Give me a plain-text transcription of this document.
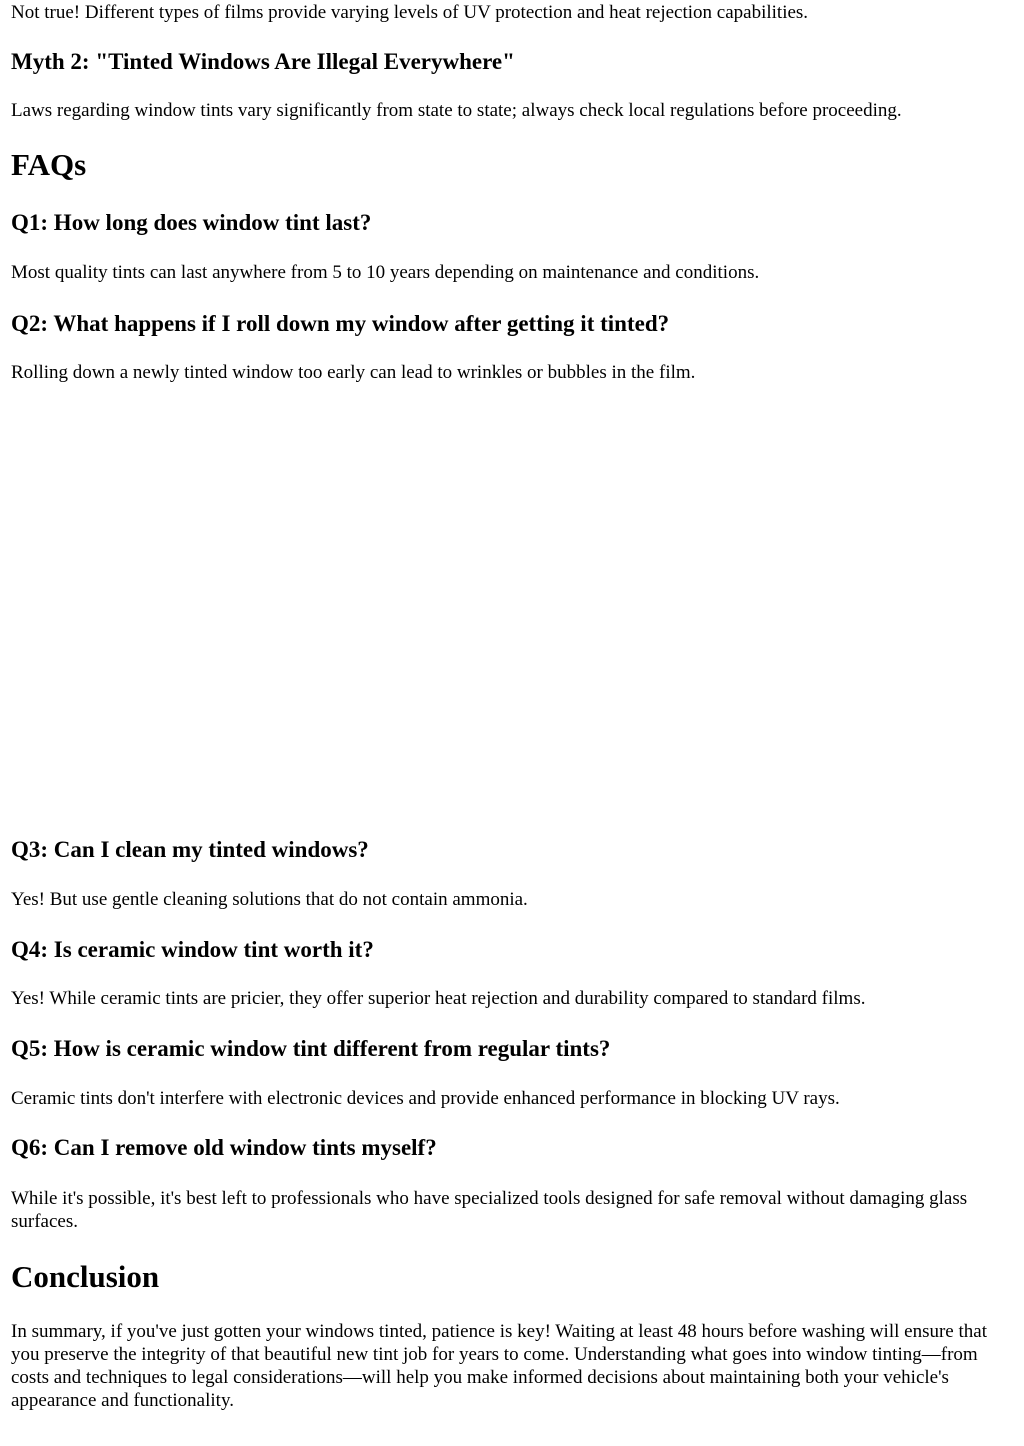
Not true! Different types of films provide varying levels of UV protection and heat rejection capabilities.

Myth 2: "Tinted Windows Are Illegal Everywhere"

Laws regarding window tints vary significantly from state to state; always check local regulations before proceeding.

FAQs
Q1: How long does window tint last?

Most quality tints can last anywhere from 5 to 10 years depending on maintenance and conditions.

Q2: What happens if I roll down my window after getting it tinted?

Rolling down a newly tinted window too early can lead to wrinkles or bubbles in the film.

Q3: Can I clean my tinted windows?

Yes! But use gentle cleaning solutions that do not contain ammonia.

Q4: Is ceramic window tint worth it?

Yes! While ceramic tints are pricier, they offer superior heat rejection and durability compared to standard films.

Q5: How is ceramic window tint different from regular tints?

Ceramic tints don't interfere with electronic devices and provide enhanced performance in blocking UV rays.

Q6: Can I remove old window tints myself?

While it's possible, it's best left to professionals who have specialized tools designed for safe removal without damaging glass surfaces.

Conclusion

In summary, if you've just gotten your windows tinted, patience is key! Waiting at least 48 hours before washing will ensure that you preserve the integrity of that beautiful new tint job for years to come. Understanding what goes into window tinting—from costs and techniques to legal considerations—will help you make informed decisions about maintaining both your vehicle's appearance and functionality.
